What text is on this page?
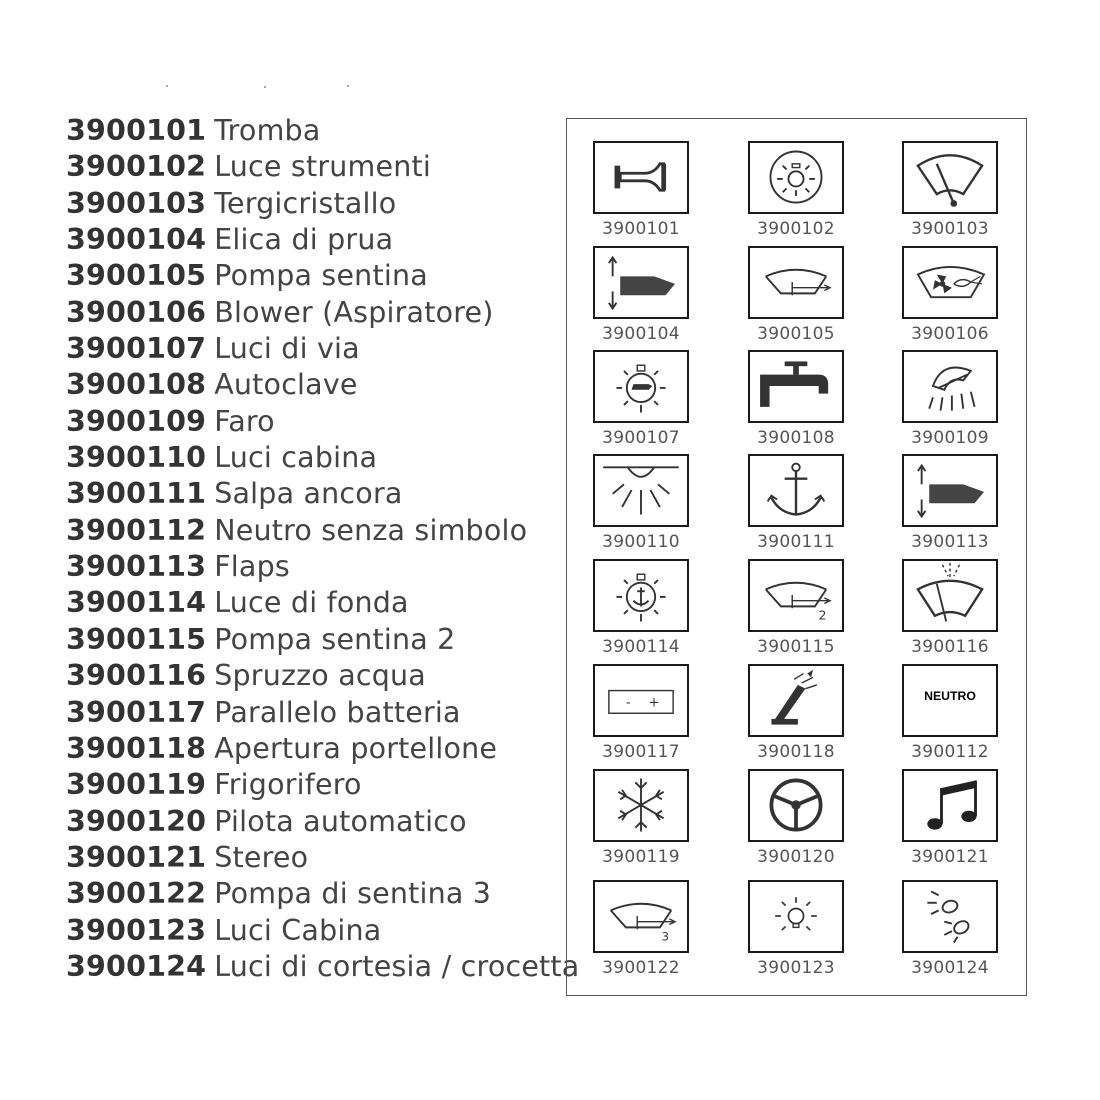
3900101 Tromba
3900102 Luce strumenti
3900103 Tergicristallo
3900104 Elica di prua
3900105 Pompa sentina
3900106 Blower (Aspiratore)
3900107 Luci di via
3900108 Autoclave
3900109 Faro
3900110 Luci cabina
3900111 Salpa ancora
3900112 Neutro senza simbolo
3900113 Flaps
3900114 Luce di fonda
3900115 Pompa sentina 2
3900116 Spruzzo acqua
3900117 Parallelo batteria
3900118 Apertura portellone
3900119 Frigorifero
3900120 Pilota automatico
3900121 Stereo
3900122 Pompa di sentina 3
3900123 Luci Cabina
3900124 Luci di cortesia / crocetta
3900101	3900102	3900103
3900104	3900105	3900106
3900107	3900108	3900109
3900110	3900111	3900113
3900114
2
3900115	3900116
- +
3900117	3900118
NEUTRO
3900112
3900119	3900120	3900121
3
3900122	3900123	3900124
